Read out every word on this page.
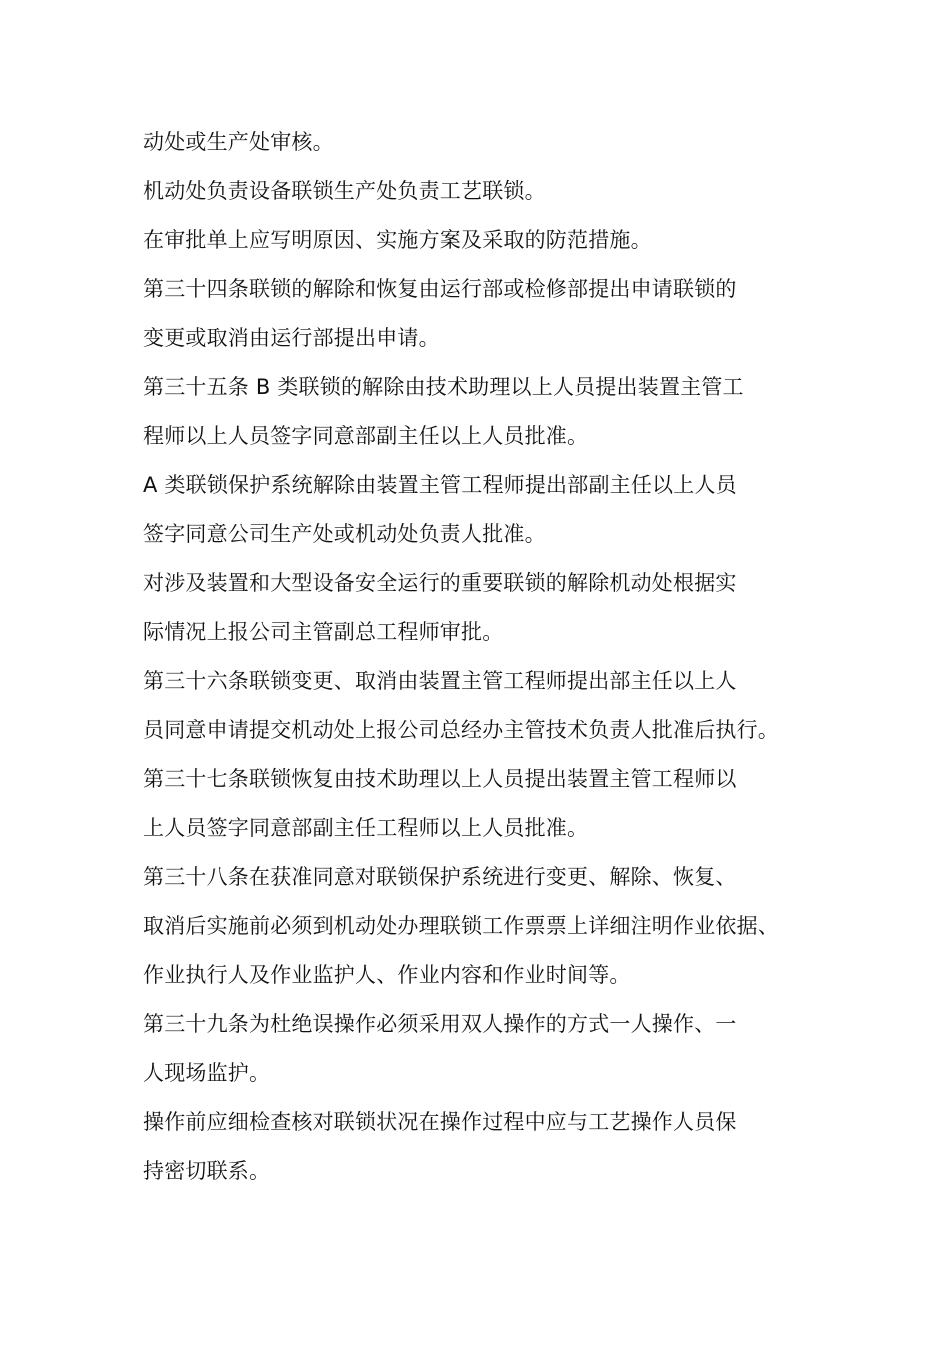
动处或生产处审核。

机动处负责设备联锁生产处负责工艺联锁。

在审批单上应写明原因、实施方案及采取的防范措施。

第三十四条联锁的解除和恢复由运行部或检修部提出申请联锁的

变更或取消由运行部提出申请。

第三十五条 B 类联锁的解除由技术助理以上人员提出装置主管工

程师以上人员签字同意部副主任以上人员批准。

A 类联锁保护系统解除由装置主管工程师提出部副主任以上人员

签字同意公司生产处或机动处负责人批准。

对涉及装置和大型设备安全运行的重要联锁的解除机动处根据实

际情况上报公司主管副总工程师审批。

第三十六条联锁变更、取消由装置主管工程师提出部主任以上人

员同意申请提交机动处上报公司总经办主管技术负责人批准后执行。

第三十七条联锁恢复由技术助理以上人员提出装置主管工程师以

上人员签字同意部副主任工程师以上人员批准。

第三十八条在获准同意对联锁保护系统进行变更、解除、恢复、

取消后实施前必须到机动处办理联锁工作票票上详细注明作业依据、

作业执行人及作业监护人、作业内容和作业时间等。

第三十九条为杜绝误操作必须采用双人操作的方式一人操作、一

人现场监护。

操作前应细检查核对联锁状况在操作过程中应与工艺操作人员保

持密切联系。
